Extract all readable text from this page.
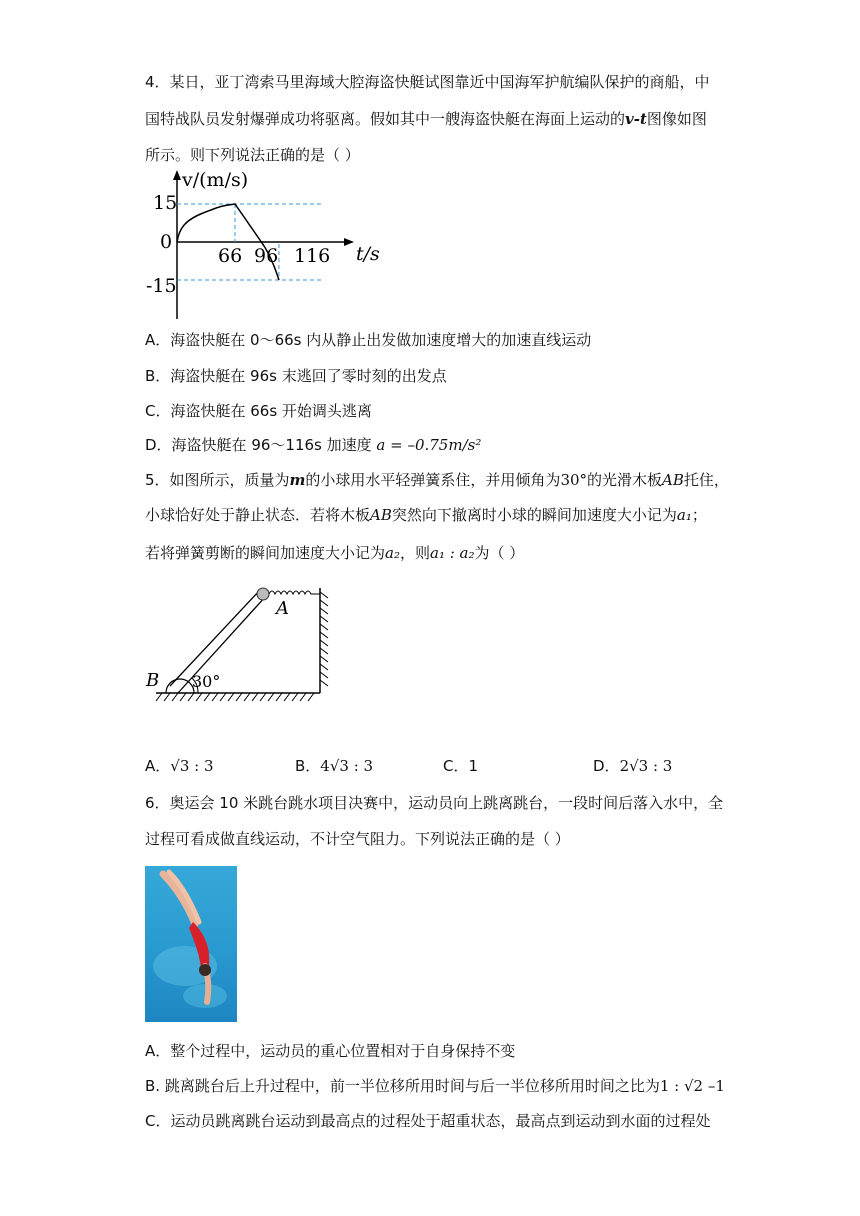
4．某日，亚丁湾索马里海域大腔海盗快艇试图靠近中国海军护航编队保护的商船，中
国特战队员发射爆弹成功将驱离。假如其中一艘海盗快艇在海面上运动的v-t图像如图
所示。则下列说法正确的是（ ）
v/(m/s)
t/s
15
0
-15
66 96 116
A．海盗快艇在 0～66s 内从静止出发做加速度增大的加速直线运动
B．海盗快艇在 96s 末逃回了零时刻的出发点
C．海盗快艇在 66s 开始调头逃离
D．海盗快艇在 96～116s 加速度 a = –0.75m/s²
5．如图所示，质量为m的小球用水平轻弹簧系住，并用倾角为30°的光滑木板AB托住，
小球恰好处于静止状态．若将木板AB突然向下撤离时小球的瞬间加速度大小记为a₁；
若将弹簧剪断的瞬间加速度大小记为a₂，则a₁ : a₂为（ ）
A
B 30°
A．√3 : 3	B．4√3 : 3	C．1	D．2√3 : 3
6．奥运会 10 米跳台跳水项目决赛中，运动员向上跳离跳台，一段时间后落入水中，全
过程可看成做直线运动，不计空气阻力。下列说法正确的是（ ）
A．整个过程中，运动员的重心位置相对于自身保持不变
B. 跳离跳台后上升过程中，前一半位移所用时间与后一半位移所用时间之比为1 : √2 –1
C．运动员跳离跳台运动到最高点的过程处于超重状态，最高点到运动到水面的过程处
